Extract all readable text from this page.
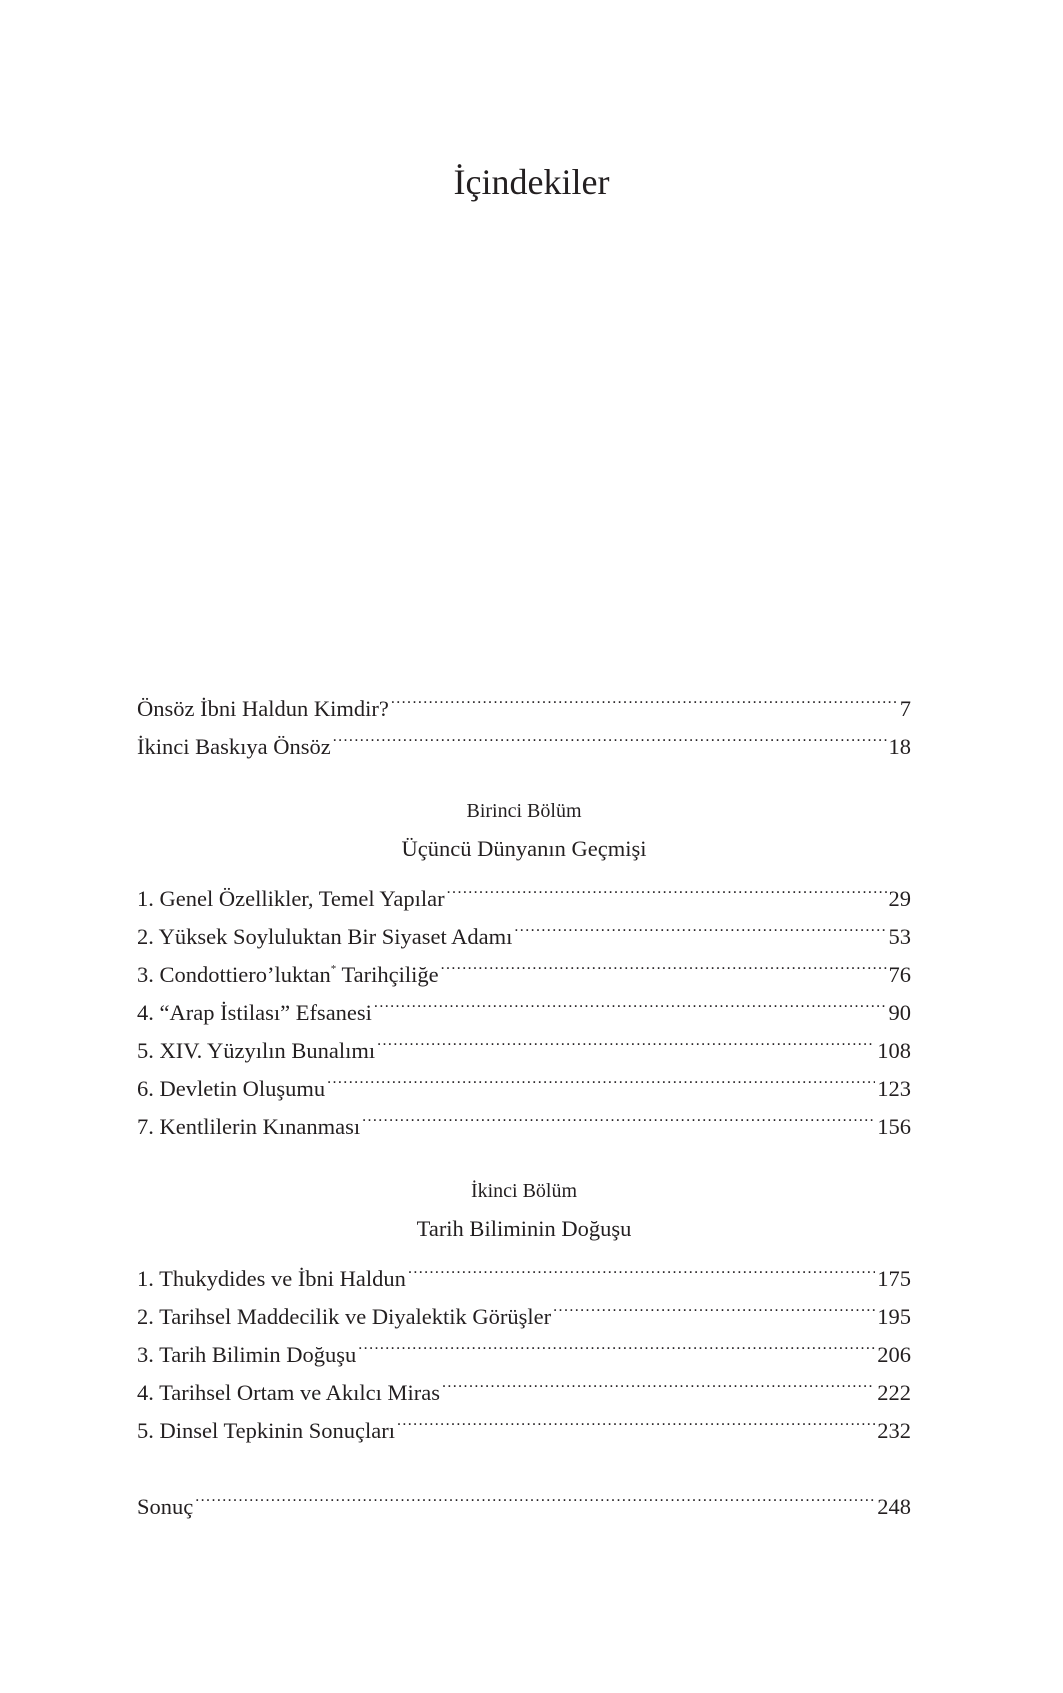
İçindekiler
Önsöz İbni Haldun Kimdir? .....	7
İkinci Baskıya Önsöz .....	18
Birinci Bölüm
Üçüncü Dünyanın Geçmişi
1. Genel Özellikler, Temel Yapılar .....	29
2. Yüksek Soyluluktan Bir Siyaset Adamı .....	53
3. Condottiero’luktan* Tarihçiliğe .....	76
4. “Arap İstilası” Efsanesi .....	90
5. XIV. Yüzyılın Bunalımı .....	108
6. Devletin Oluşumu .....	123
7. Kentlilerin Kınanması .....	156
İkinci Bölüm
Tarih Biliminin Doğuşu
1. Thukydides ve İbni Haldun .....	175
2. Tarihsel Maddecilik ve Diyalektik Görüşler .....	195
3. Tarih Bilimin Doğuşu .....	206
4. Tarihsel Ortam ve Akılcı Miras .....	222
5. Dinsel Tepkinin Sonuçları .....	232
Sonuç .....	248
